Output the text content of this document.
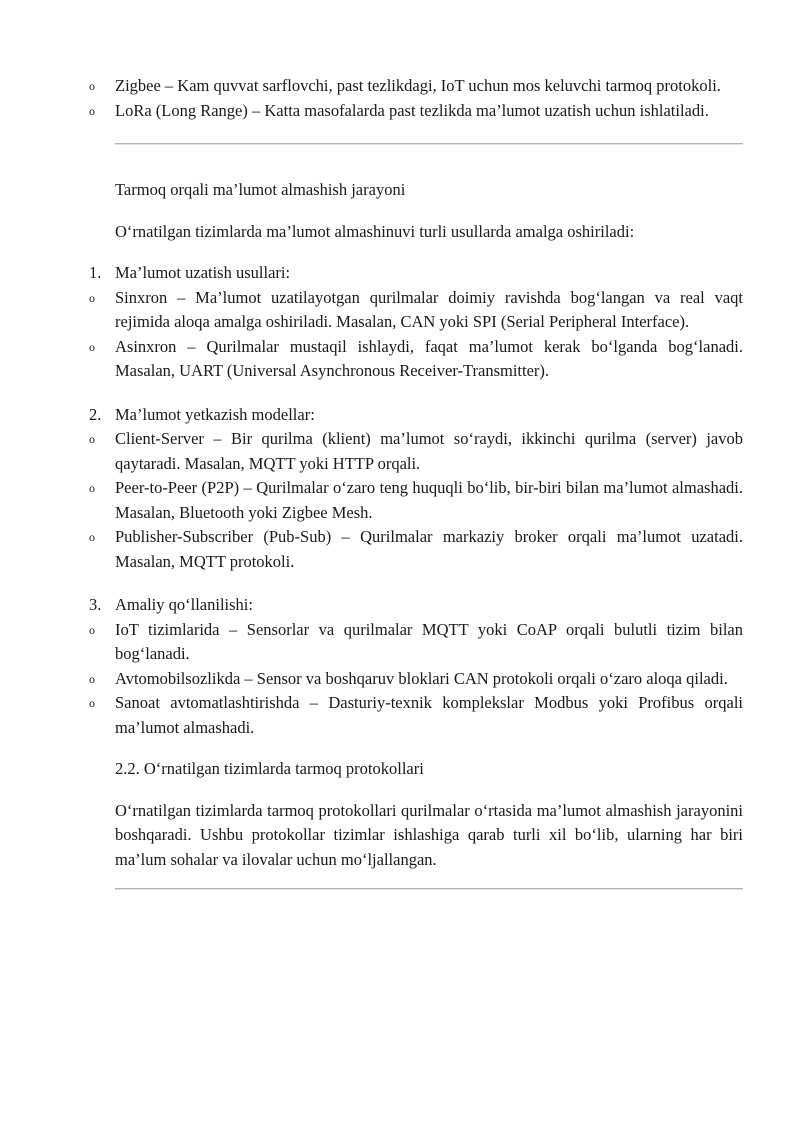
o Zigbee – Kam quvvat sarflovchi, past tezlikdagi, IoT uchun mos keluvchi tarmoq protokoli.
o LoRa (Long Range) – Katta masofalarda past tezlikda ma’lumot uzatish uchun ishlatiladi.
Tarmoq orqali ma’lumot almashish jarayoni
O‘rnatilgan tizimlarda ma’lumot almashinuvi turli usullarda amalga oshiriladi:
1. Ma’lumot uzatish usullari:
o Sinxron – Ma’lumot uzatilayotgan qurilmalar doimiy ravishda bog‘langan va real vaqt rejimida aloqa amalga oshiriladi. Masalan, CAN yoki SPI (Serial Peripheral Interface).
o Asinxron – Qurilmalar mustaqil ishlaydi, faqat ma’lumot kerak bo‘lganda bog‘lanadi. Masalan, UART (Universal Asynchronous Receiver-Transmitter).
2. Ma’lumot yetkazish modellar:
o Client-Server – Bir qurilma (klient) ma’lumot so‘raydi, ikkinchi qurilma (server) javob qaytaradi. Masalan, MQTT yoki HTTP orqali.
o Peer-to-Peer (P2P) – Qurilmalar o‘zaro teng huquqli bo‘lib, bir-biri bilan ma’lumot almashadi. Masalan, Bluetooth yoki Zigbee Mesh.
o Publisher-Subscriber (Pub-Sub) – Qurilmalar markaziy broker orqali ma’lumot uzatadi. Masalan, MQTT protokoli.
3. Amaliy qo‘llanilishi:
o IoT tizimlarida – Sensorlar va qurilmalar MQTT yoki CoAP orqali bulutli tizim bilan bog‘lanadi.
o Avtomobilsozlikda – Sensor va boshqaruv bloklari CAN protokoli orqali o‘zaro aloqa qiladi.
o Sanoat avtomatlashtirishda – Dasturiy-texnik komplekslar Modbus yoki Profibus orqali ma’lumot almashadi.
2.2. O‘rnatilgan tizimlarda tarmoq protokollari
O‘rnatilgan tizimlarda tarmoq protokollari qurilmalar o‘rtasida ma’lumot almashish jarayonini boshqaradi. Ushbu protokollar tizimlar ishlashiga qarab turli xil bo‘lib, ularning har biri ma’lum sohalar va ilovalar uchun mo‘ljallangan.
